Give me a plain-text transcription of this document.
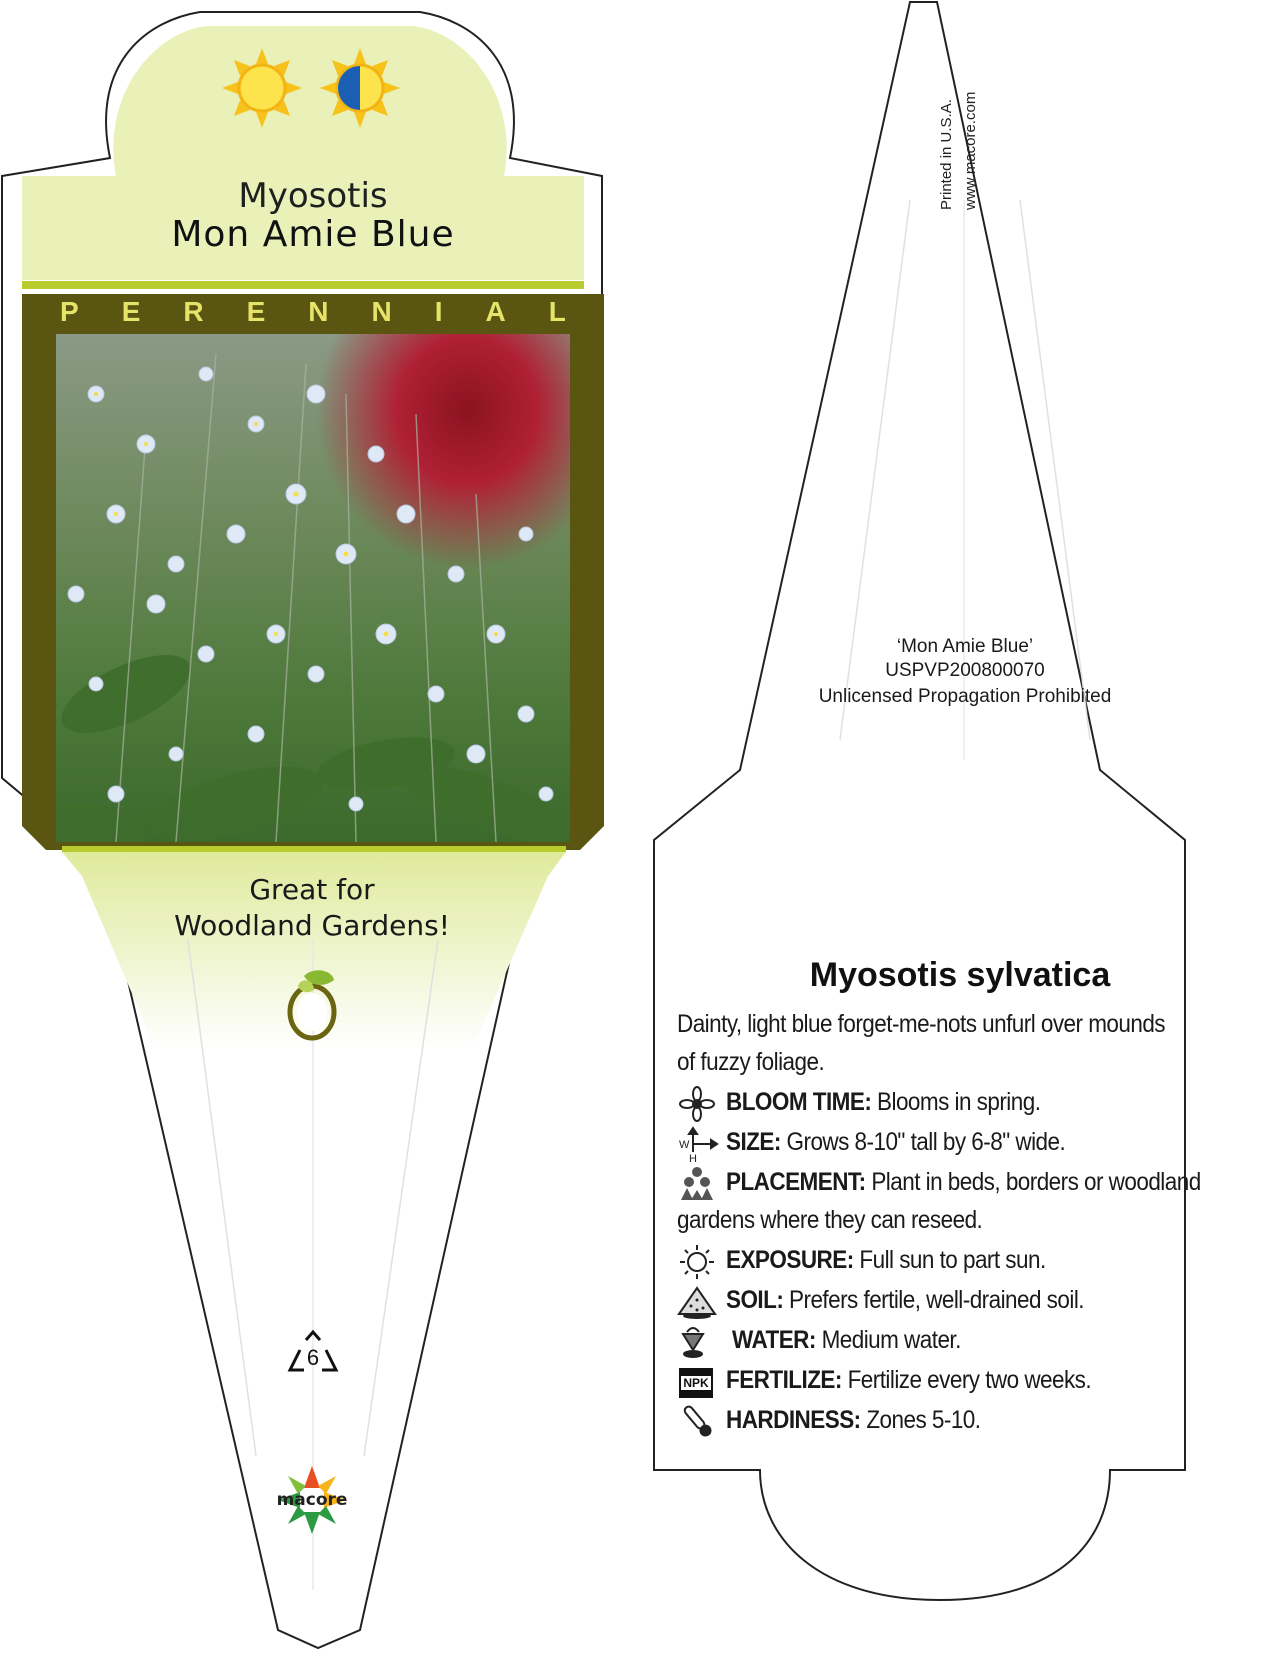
Myosotis
Mon Amie Blue
P E R E N N I A L
Great for
Woodland Gardens!
6
macore
Printed in U.S.A. www.macore.com
‘Mon Amie Blue’
USPVP200800070
Unlicensed Propagation Prohibited
Myosotis sylvatica
Dainty, light blue forget-me-nots unfurl over mounds
of fuzzy foliage.
BLOOM TIME: Blooms in spring.
W
H
SIZE: Grows 8-10" tall by 6-8" wide.
PLACEMENT: Plant in beds, borders or woodland
gardens where they can reseed.
EXPOSURE: Full sun to part sun.
SOIL: Prefers fertile, well-drained soil.
WATER: Medium water.
NPK FERTILIZE: Fertilize every two weeks.
HARDINESS: Zones 5-10.
